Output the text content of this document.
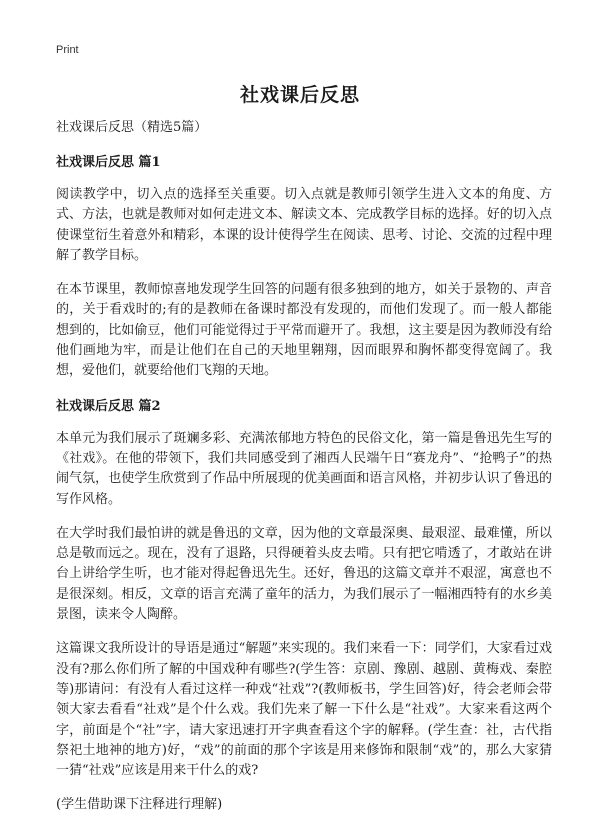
Print
社戏课后反思

社戏课后反思（精选5篇）

社戏课后反思 篇1

阅读教学中，切入点的选择至关重要。切入点就是教师引领学生进入文本的角度、方式、方法，也就是教师对如何走进文本、解读文本、完成教学目标的选择。好的切入点使课堂衍生着意外和精彩，本课的设计使得学生在阅读、思考、讨论、交流的过程中理解了教学目标。

在本节课里，教师惊喜地发现学生回答的问题有很多独到的地方，如关于景物的、声音的，关于看戏时的;有的是教师在备课时都没有发现的，而他们发现了。而一般人都能想到的，比如偷豆，他们可能觉得过于平常而避开了。我想，这主要是因为教师没有给他们画地为牢，而是让他们在自己的天地里翱翔，因而眼界和胸怀都变得宽阔了。我想，爱他们，就要给他们飞翔的天地。

社戏课后反思 篇2

本单元为我们展示了斑斓多彩、充满浓郁地方特色的民俗文化，第一篇是鲁迅先生写的《社戏》。在他的带领下，我们共同感受到了湘西人民端午日“赛龙舟”、“抢鸭子”的热闹气氛，也使学生欣赏到了作品中所展现的优美画面和语言风格，并初步认识了鲁迅的写作风格。

在大学时我们最怕讲的就是鲁迅的文章，因为他的文章最深奥、最艰涩、最难懂，所以总是敬而远之。现在，没有了退路，只得硬着头皮去啃。只有把它啃透了，才敢站在讲台上讲给学生听，也才能对得起鲁迅先生。还好，鲁迅的这篇文章并不艰涩，寓意也不是很深刻。相反，文章的语言充满了童年的活力，为我们展示了一幅湘西特有的水乡美景图，读来令人陶醉。

这篇课文我所设计的导语是通过“解题”来实现的。我们来看一下：同学们，大家看过戏没有?那么你们所了解的中国戏种有哪些?(学生答：京剧、豫剧、越剧、黄梅戏、秦腔等)那请问：有没有人看过这样一种戏“社戏”?(教师板书，学生回答)好，待会老师会带领大家去看看“社戏”是个什么戏。我们先来了解一下什么是“社戏”。大家来看这两个字，前面是个“社”字，请大家迅速打开字典查看这个字的解释。(学生查：社，古代指祭祀土地神的地方)好，“戏”的前面的那个字该是用来修饰和限制“戏”的，那么大家猜一猜“社戏”应该是用来干什么的戏?

(学生借助课下注释进行理解)
